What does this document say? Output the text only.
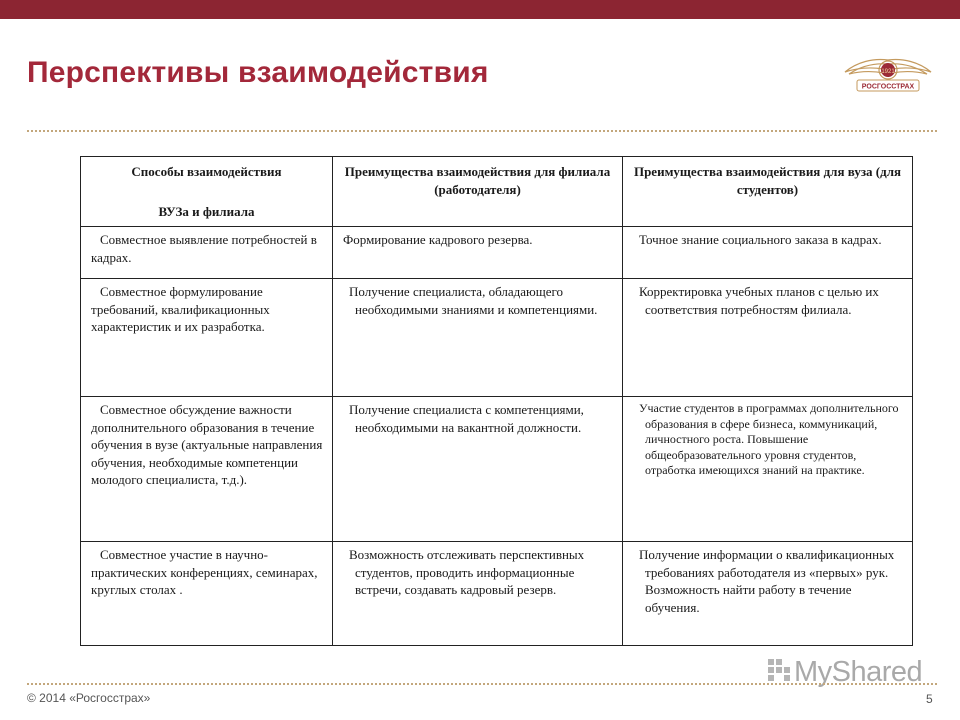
Перспективы взаимодействия	1921
РОСГОССТРАХ
Способы взаимодействия
ВУЗа и филиала	Преимущества взаимодействия для филиала (работодателя)	Преимущества взаимодействия для вуза (для студентов)
Совместное выявление потребностей в кадрах.	Формирование кадрового резерва.	Точное знание социального заказа в кадрах.
Совместное формулирование требований, квалификационных характеристик и их разработка.	Получение специалиста, обладающего необходимыми знаниями и компетенциями.	Корректировка учебных планов с целью их соответствия потребностям филиала.
Совместное обсуждение важности дополнительного образования в течение обучения в вузе (актуальные направления обучения, необходимые компетенции молодого специалиста, т.д.).	Получение специалиста с компетенциями, необходимыми на вакантной должности.	Участие студентов в программах дополнительного образования в сфере бизнеса, коммуникаций, личностного роста. Повышение общеобразовательного уровня студентов, отработка имеющихся знаний на практике.
Совместное участие в научно-практических конференциях, семинарах, круглых столах .	Возможность отслеживать перспективных студентов, проводить информационные встречи, создавать кадровый резерв.	Получение информации о квалификационных требованиях работодателя из «первых» рук. Возможность найти работу в течение обучения.
MyShared
© 2014 «Росгосстрах»	5
